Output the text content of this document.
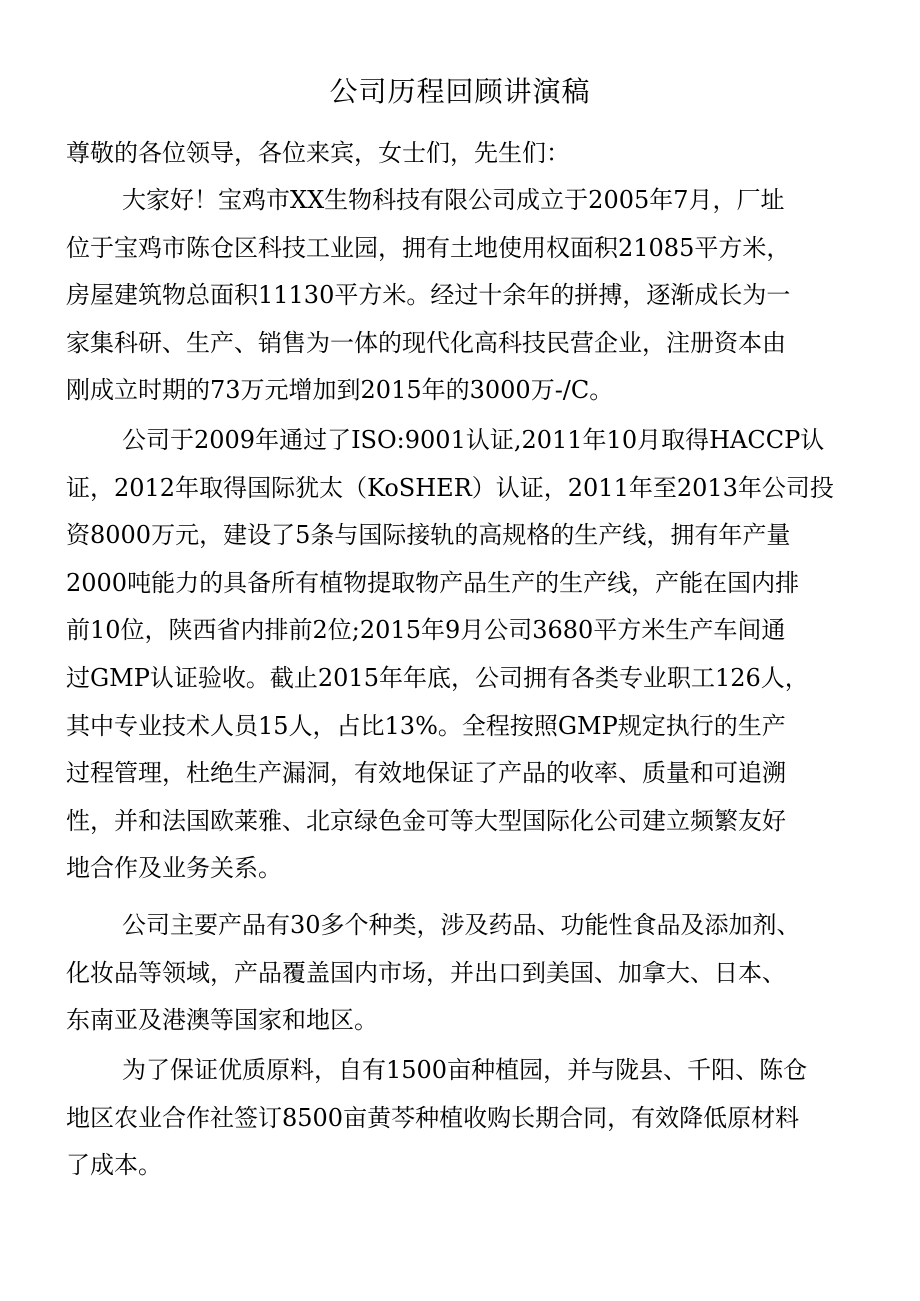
公司历程回顾讲演稿
尊敬的各位领导，各位来宾，女士们，先生们：
大家好！宝鸡市XX生物科技有限公司成立于2005年7月，厂址
位于宝鸡市陈仓区科技工业园，拥有土地使用权面积21085平方米，
房屋建筑物总面积11130平方米。经过十余年的拼搏，逐渐成长为一
家集科研、生产、销售为一体的现代化高科技民营企业，注册资本由
刚成立时期的73万元增加到2015年的3000万-/C。
公司于2009年通过了ISO:9001认证,2011年10月取得HACCP认
证，2012年取得国际犹太（KoSHER）认证，2011年至2013年公司投
资8000万元，建设了5条与国际接轨的高规格的生产线，拥有年产量
2000吨能力的具备所有植物提取物产品生产的生产线，产能在国内排
前10位，陕西省内排前2位;2015年9月公司3680平方米生产车间通
过GMP认证验收。截止2015年年底，公司拥有各类专业职工126人，
其中专业技术人员15人，占比13%。全程按照GMP规定执行的生产
过程管理，杜绝生产漏洞，有效地保证了产品的收率、质量和可追溯
性，并和法国欧莱雅、北京绿色金可等大型国际化公司建立频繁友好
地合作及业务关系。
公司主要产品有30多个种类，涉及药品、功能性食品及添加剂、
化妆品等领域，产品覆盖国内市场，并出口到美国、加拿大、日本、
东南亚及港澳等国家和地区。
为了保证优质原料，自有1500亩种植园，并与陇县、千阳、陈仓
地区农业合作社签订8500亩黄芩种植收购长期合同，有效降低原材料
了成本。
